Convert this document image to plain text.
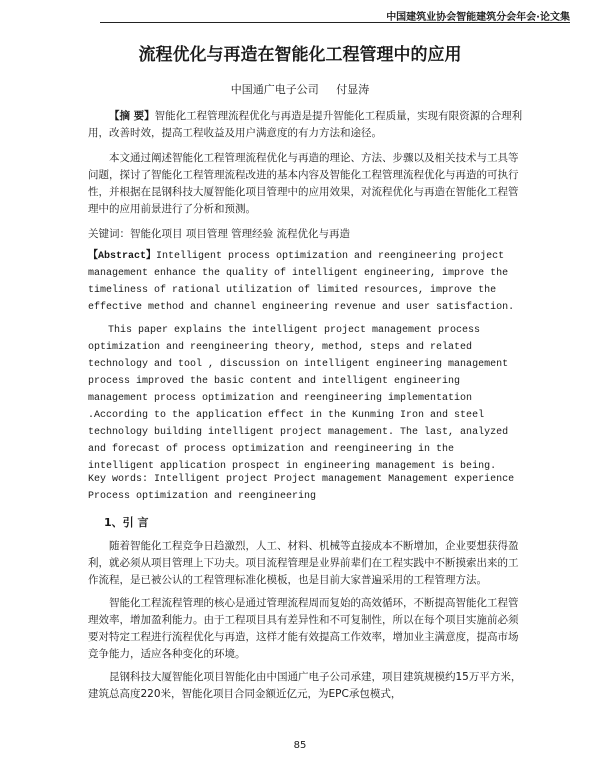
中国建筑业协会智能建筑分会年会·论文集
流程优化与再造在智能化工程管理中的应用
中国通广电子公司 付显涛

【摘 要】智能化工程管理流程优化与再造是提升智能化工程质量，实现有限资源的合理利用，改善时效，提高工程收益及用户满意度的有力方法和途径。

本文通过阐述智能化工程管理流程优化与再造的理论、方法、步骤以及相关技术与工具等问题，探讨了智能化工程管理流程改进的基本内容及智能化工程管理流程优化与再造的可执行性，并根据在昆钢科技大厦智能化项目管理中的应用效果，对流程优化与再造在智能化工程管理中的应用前景进行了分析和预测。

关键词：智能化项目 项目管理 管理经验 流程优化与再造

【Abstract】Intelligent process optimization and reengineering project management enhance the quality of intelligent engineering, improve the timeliness of rational utilization of limited resources, improve the effective method and channel engineering revenue and user satisfaction.

This paper explains the intelligent project management process optimization and reengineering theory, method, steps and related technology and tool , discussion on intelligent engineering management process improved the basic content and intelligent engineering management process optimization and reengineering implementation .According to the application effect in the Kunming Iron and steel technology building intelligent project management. The last, analyzed and forecast of process optimization and reengineering in the intelligent application prospect in engineering management is being.

Key words: Intelligent project Project management Management experience Process optimization and reengineering

1、引 言

随着智能化工程竞争日趋激烈，人工、材料、机械等直接成本不断增加，企业要想获得盈利，就必须从项目管理上下功夫。项目流程管理是业界前辈们在工程实践中不断摸索出来的工作流程，是已被公认的工程管理标准化模板，也是目前大家普遍采用的工程管理方法。

智能化工程流程管理的核心是通过管理流程周而复始的高效循环，不断提高智能化工程管理效率，增加盈利能力。由于工程项目具有差异性和不可复制性，所以在每个项目实施前必须要对特定工程进行流程优化与再造，这样才能有效提高工作效率，增加业主满意度，提高市场竞争能力，适应各种变化的环境。

昆钢科技大厦智能化项目智能化由中国通广电子公司承建，项目建筑规模约15万平方米，建筑总高度220米，智能化项目合同金额近亿元，为EPC承包模式，

85
